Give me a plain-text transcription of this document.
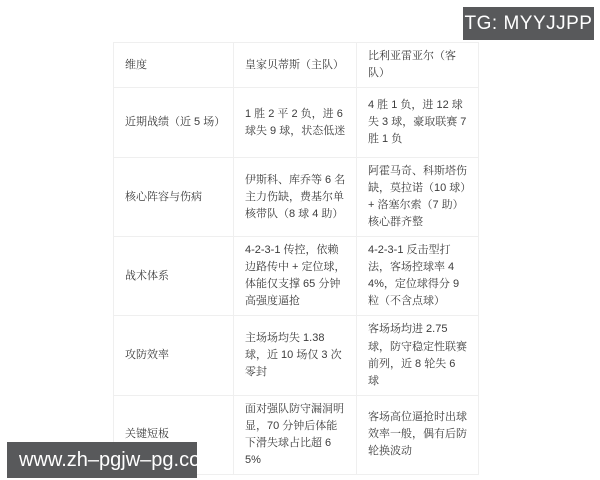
TG: MYYJJPP
维度	皇家贝蒂斯（主队）	比利亚雷亚尔（客队）
近期战绩（近 5 场）	1 胜 2 平 2 负，进 6 球失 9 球，状态低迷	4 胜 1 负，进 12 球失 3 球，豪取联赛 7 胜 1 负
核心阵容与伤病	伊斯科、库乔等 6 名主力伤缺，费基尔单核带队（8 球 4 助）	阿霍马奇、科斯塔伤缺，莫拉诺（10 球）+ 洛塞尔索（7 助）核心群齐整
战术体系	4-2-3-1 传控，依赖边路传中 + 定位球，体能仅支撑 65 分钟高强度逼抢	4-2-3-1 反击型打法，客场控球率 44%，定位球得分 9 粒（不含点球）
攻防效率	主场场均失 1.38 球，近 10 场仅 3 次零封	客场场均进 2.75 球，防守稳定性联赛前列，近 8 轮失 6 球
关键短板	面对强队防守漏洞明显，70 分钟后体能下滑失球占比超 65%	客场高位逼抢时出球效率一般，偶有后防轮换波动
www.zh–pgjw–pg.com
